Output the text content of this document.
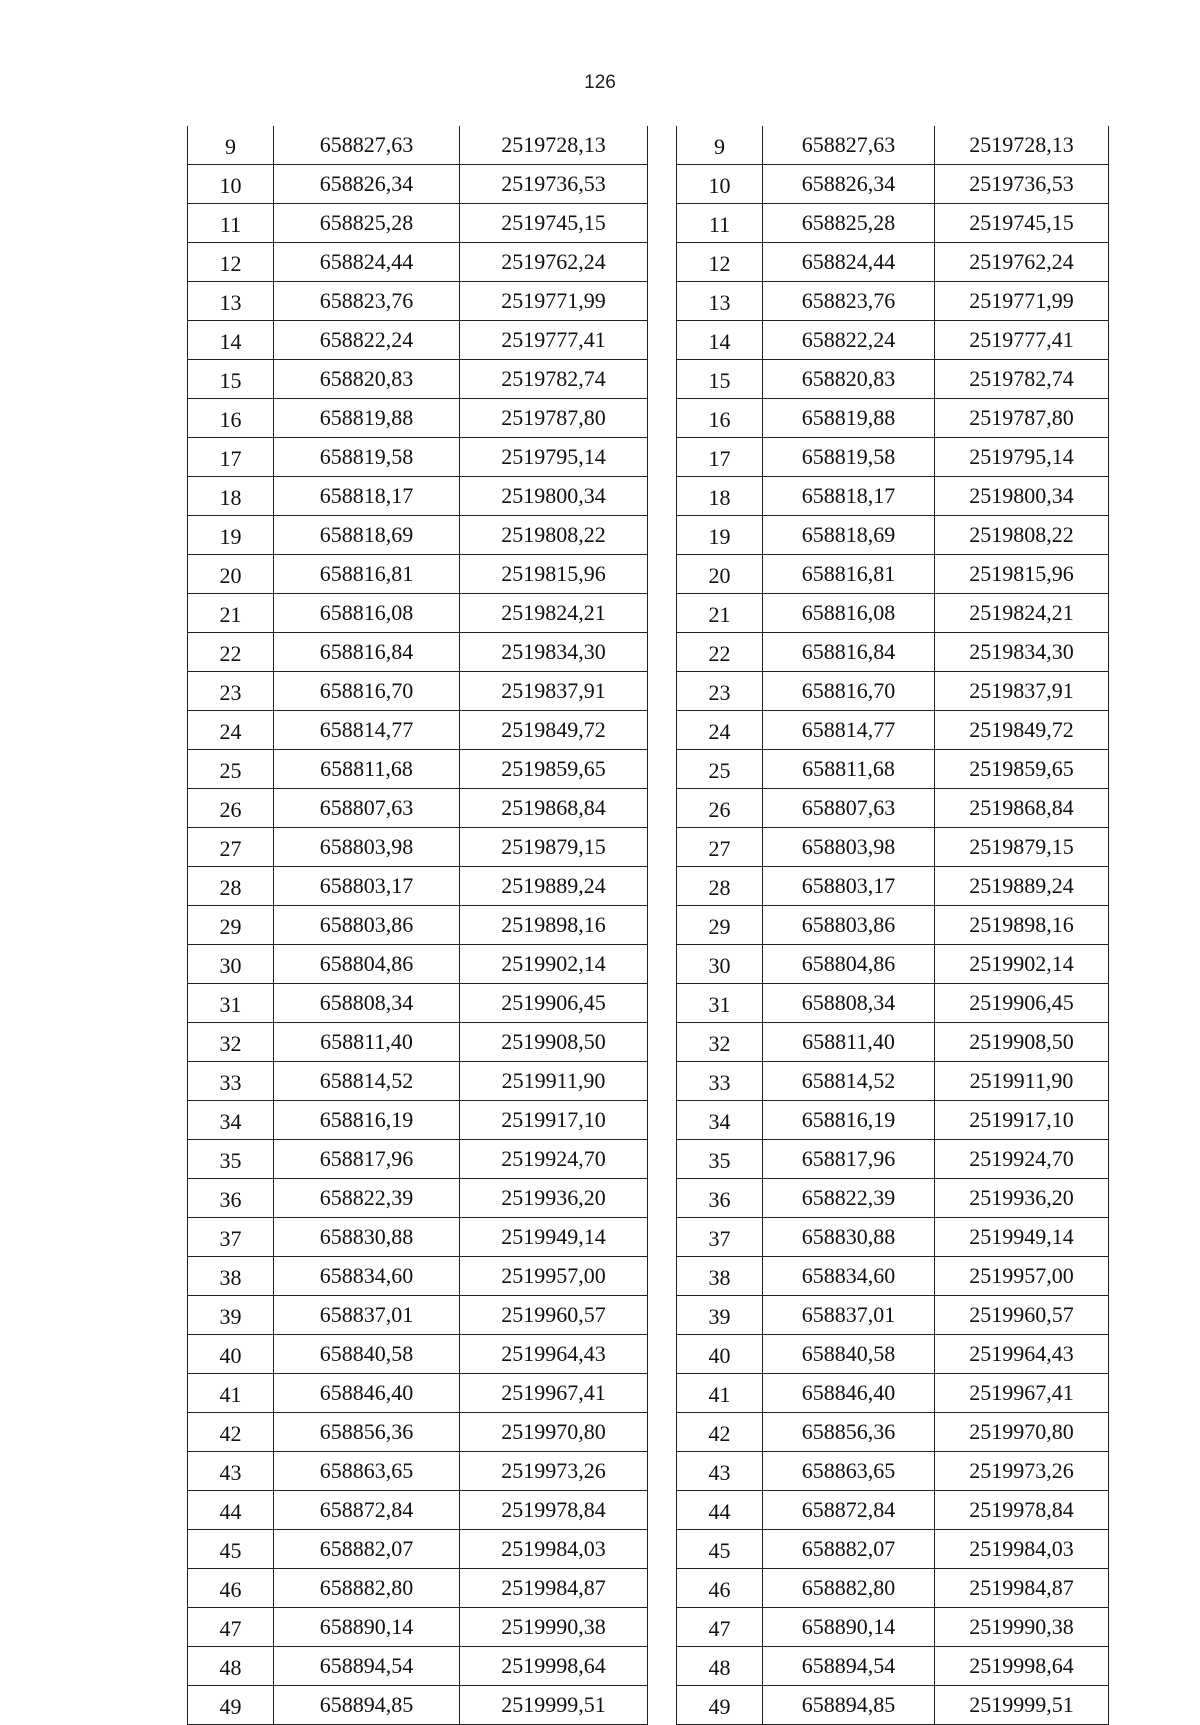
126
9	658827,63	2519728,13
10	658826,34	2519736,53
11	658825,28	2519745,15
12	658824,44	2519762,24
13	658823,76	2519771,99
14	658822,24	2519777,41
15	658820,83	2519782,74
16	658819,88	2519787,80
17	658819,58	2519795,14
18	658818,17	2519800,34
19	658818,69	2519808,22
20	658816,81	2519815,96
21	658816,08	2519824,21
22	658816,84	2519834,30
23	658816,70	2519837,91
24	658814,77	2519849,72
25	658811,68	2519859,65
26	658807,63	2519868,84
27	658803,98	2519879,15
28	658803,17	2519889,24
29	658803,86	2519898,16
30	658804,86	2519902,14
31	658808,34	2519906,45
32	658811,40	2519908,50
33	658814,52	2519911,90
34	658816,19	2519917,10
35	658817,96	2519924,70
36	658822,39	2519936,20
37	658830,88	2519949,14
38	658834,60	2519957,00
39	658837,01	2519960,57
40	658840,58	2519964,43
41	658846,40	2519967,41
42	658856,36	2519970,80
43	658863,65	2519973,26
44	658872,84	2519978,84
45	658882,07	2519984,03
46	658882,80	2519984,87
47	658890,14	2519990,38
48	658894,54	2519998,64
49	658894,85	2519999,51
9	658827,63	2519728,13
10	658826,34	2519736,53
11	658825,28	2519745,15
12	658824,44	2519762,24
13	658823,76	2519771,99
14	658822,24	2519777,41
15	658820,83	2519782,74
16	658819,88	2519787,80
17	658819,58	2519795,14
18	658818,17	2519800,34
19	658818,69	2519808,22
20	658816,81	2519815,96
21	658816,08	2519824,21
22	658816,84	2519834,30
23	658816,70	2519837,91
24	658814,77	2519849,72
25	658811,68	2519859,65
26	658807,63	2519868,84
27	658803,98	2519879,15
28	658803,17	2519889,24
29	658803,86	2519898,16
30	658804,86	2519902,14
31	658808,34	2519906,45
32	658811,40	2519908,50
33	658814,52	2519911,90
34	658816,19	2519917,10
35	658817,96	2519924,70
36	658822,39	2519936,20
37	658830,88	2519949,14
38	658834,60	2519957,00
39	658837,01	2519960,57
40	658840,58	2519964,43
41	658846,40	2519967,41
42	658856,36	2519970,80
43	658863,65	2519973,26
44	658872,84	2519978,84
45	658882,07	2519984,03
46	658882,80	2519984,87
47	658890,14	2519990,38
48	658894,54	2519998,64
49	658894,85	2519999,51
